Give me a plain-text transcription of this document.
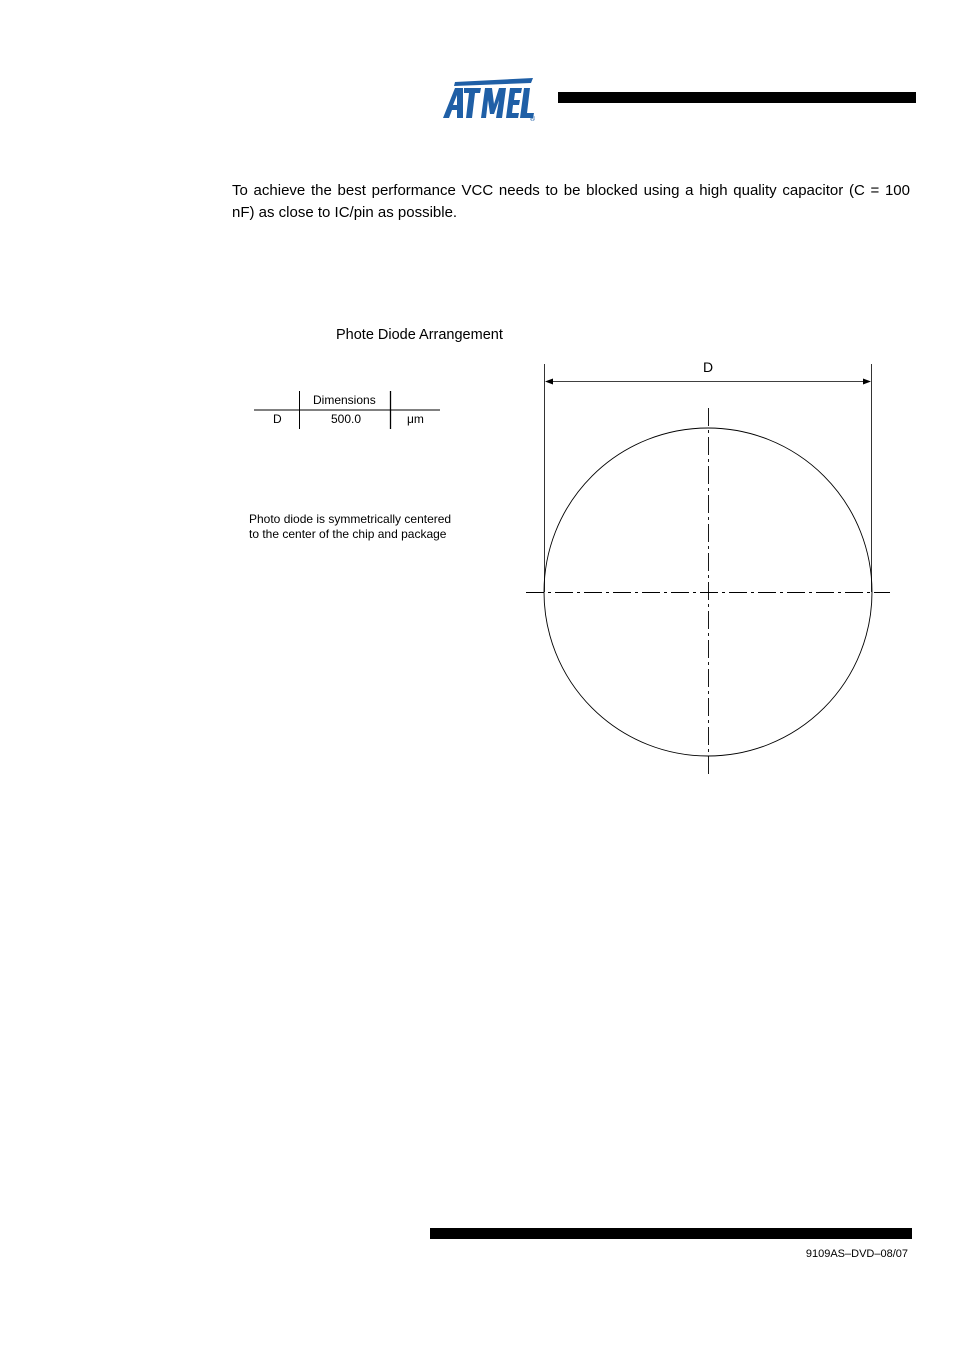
®
To achieve the best performance VCC needs to be blocked using a high quality capacitor (C = 100 nF) as close to IC/pin as possible.
Phote Diode Arrangement
Dimensions
D	500.0	μm
Photo diode is symmetrically centered
to the center of the chip and package
D
9109AS–DVD–08/07
